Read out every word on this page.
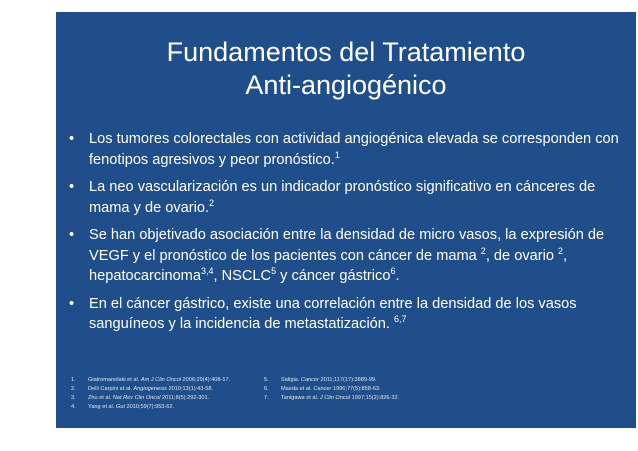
Fundamentos del Tratamiento
Anti-angiogénico
• Los tumores colorectales con actividad angiogénica elevada se corresponden con fenotipos agresivos y peor pronóstico.$^1$
• La neo vascularización es un indicador pronóstico significativo en cánceres de mama y de ovario.$^2$
• Se han objetivado asociación entre la densidad de micro vasos, la expresión de VEGF y el pronóstico de los pacientes con cáncer de mama $^2$, de ovario $^2$, hepatocarcinoma$^{3,4}$, NSCLC$^5$ y cáncer gástrico$^6$.
• En el cáncer gástrico, existe una correlación entre la densidad de los vasos sanguíneos y la incidencia de metastatización. $^{6,7}$
1. Giatromanolaki et al. Am J Clin Oncol 2006;29(4):408-17.
2. Delli Carpini et al. Angiogenesis 2010;13(1):43-58.
3. Zhu et al. Nat Rev Clin Oncol 2011;8(5):292-301.
4. Yang et al. Gut 2010;59(7):953-62.
5. Saligia. Cancer 2011;117(17):3889-99.
6. Maeda et al. Cancer 1996;77(5):858-63.
7. Tanigawa et al. J Clin Oncol 1997;15(2):826-32.
